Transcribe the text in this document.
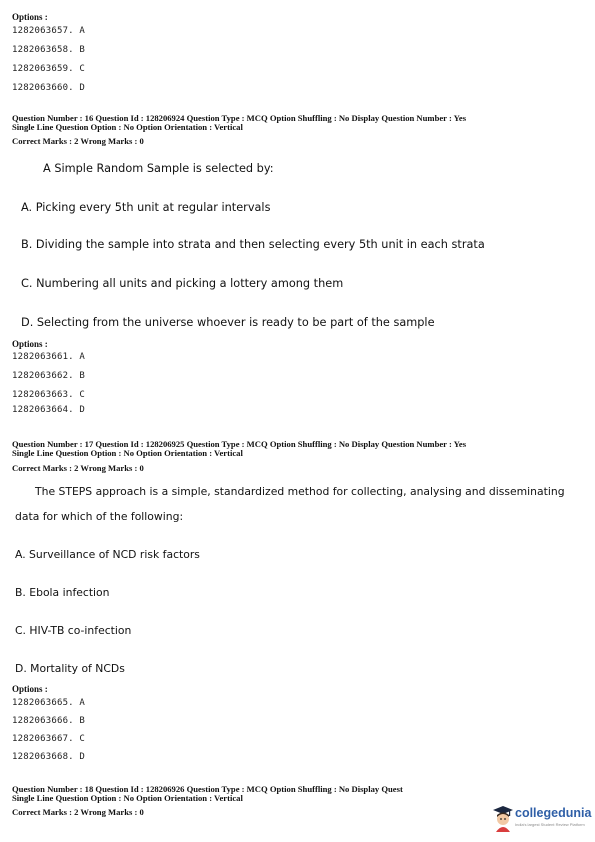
Options :
1282063657. A
1282063658. B
1282063659. C
1282063660. D
Question Number : 16 Question Id : 128206924 Question Type : MCQ Option Shuffling : No Display Question Number : Yes
Single Line Question Option : No Option Orientation : Vertical
Correct Marks : 2 Wrong Marks : 0
A Simple Random Sample is selected by:
A. Picking every 5th unit at regular intervals
B. Dividing the sample into strata and then selecting every 5th unit in each strata
C. Numbering all units and picking a lottery among them
D. Selecting from the universe whoever is ready to be part of the sample
Options :
1282063661. A
1282063662. B
1282063663. C
1282063664. D
Question Number : 17 Question Id : 128206925 Question Type : MCQ Option Shuffling : No Display Question Number : Yes
Single Line Question Option : No Option Orientation : Vertical
Correct Marks : 2 Wrong Marks : 0
The STEPS approach is a simple, standardized method for collecting, analysing and disseminating
data for which of the following:
A. Surveillance of NCD risk factors
B. Ebola infection
C. HIV-TB co-infection
D. Mortality of NCDs
Options :
1282063665. A
1282063666. B
1282063667. C
1282063668. D
Question Number : 18 Question Id : 128206926 Question Type : MCQ Option Shuffling : No Display Quest
Single Line Question Option : No Option Orientation : Vertical
Correct Marks : 2 Wrong Marks : 0	collegedunia
India's largest Student Review Platform
